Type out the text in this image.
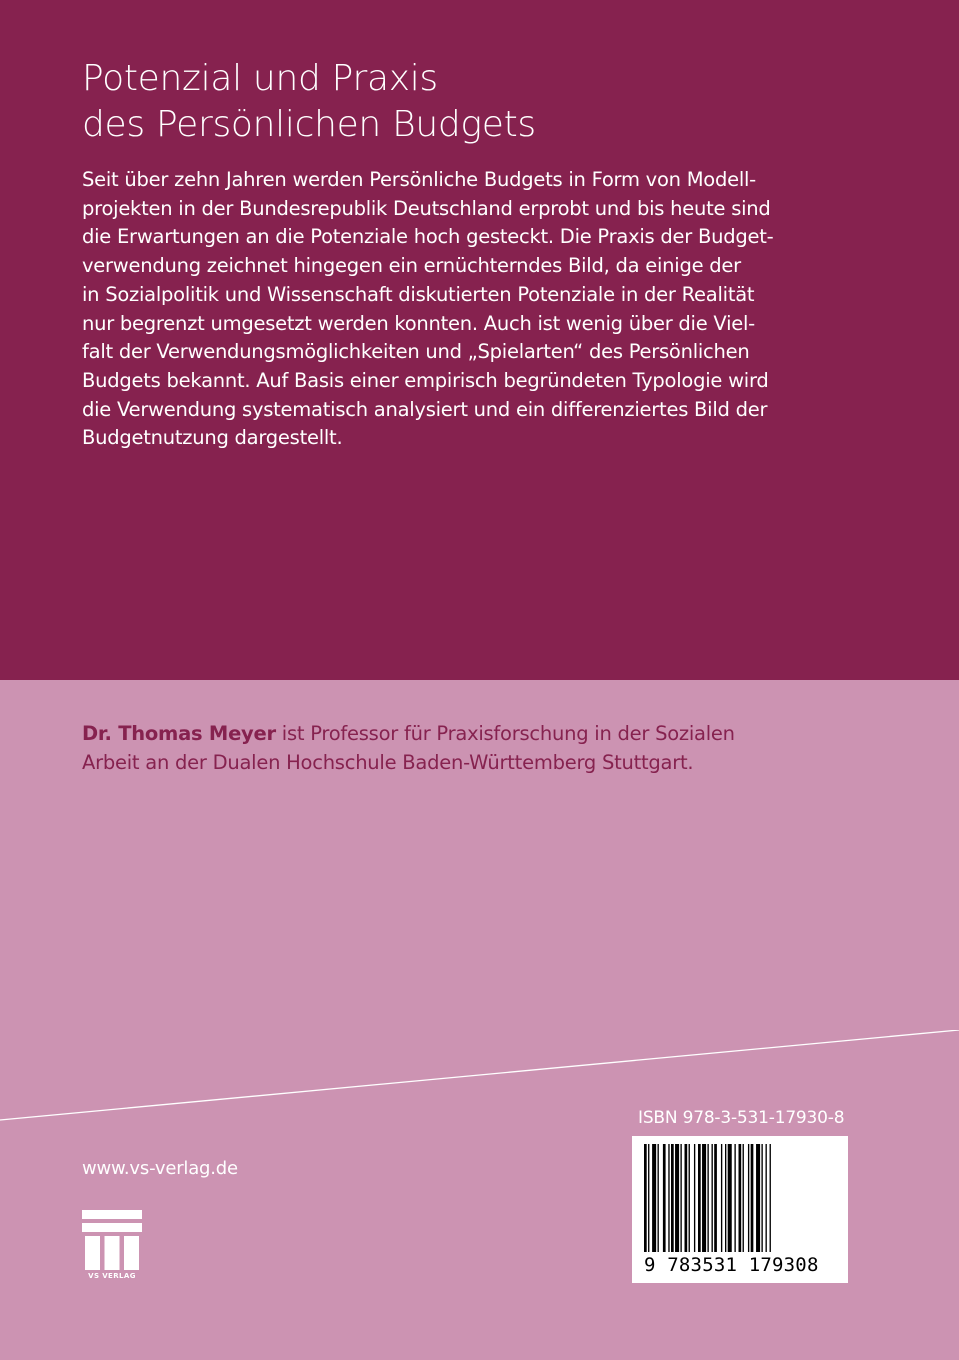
Potenzial und Praxis
des Persönlichen Budgets
Seit über zehn Jahren werden Persönliche Budgets in Form von Modell-
projekten in der Bundesrepublik Deutschland erprobt und bis heute sind
die Erwartungen an die Potenziale hoch gesteckt. Die Praxis der Budget-
verwendung zeichnet hingegen ein ernüchterndes Bild, da einige der
in Sozialpolitik und Wissenschaft diskutierten Potenziale in der Realität
nur begrenzt umgesetzt werden konnten. Auch ist wenig über die Viel-
falt der Verwendungsmöglichkeiten und „Spielarten“ des Persönlichen
Budgets bekannt. Auf Basis einer empirisch begründeten Typologie wird
die Verwendung systematisch analysiert und ein differenziertes Bild der
Budgetnutzung dargestellt.
Dr. Thomas Meyer ist Professor für Praxisforschung in der Sozialen
Arbeit an der Dualen Hochschule Baden-Württemberg Stuttgart.
ISBN 978-3-531-17930-8
9 783531 179308
www.vs-verlag.de
VS VERLAG
